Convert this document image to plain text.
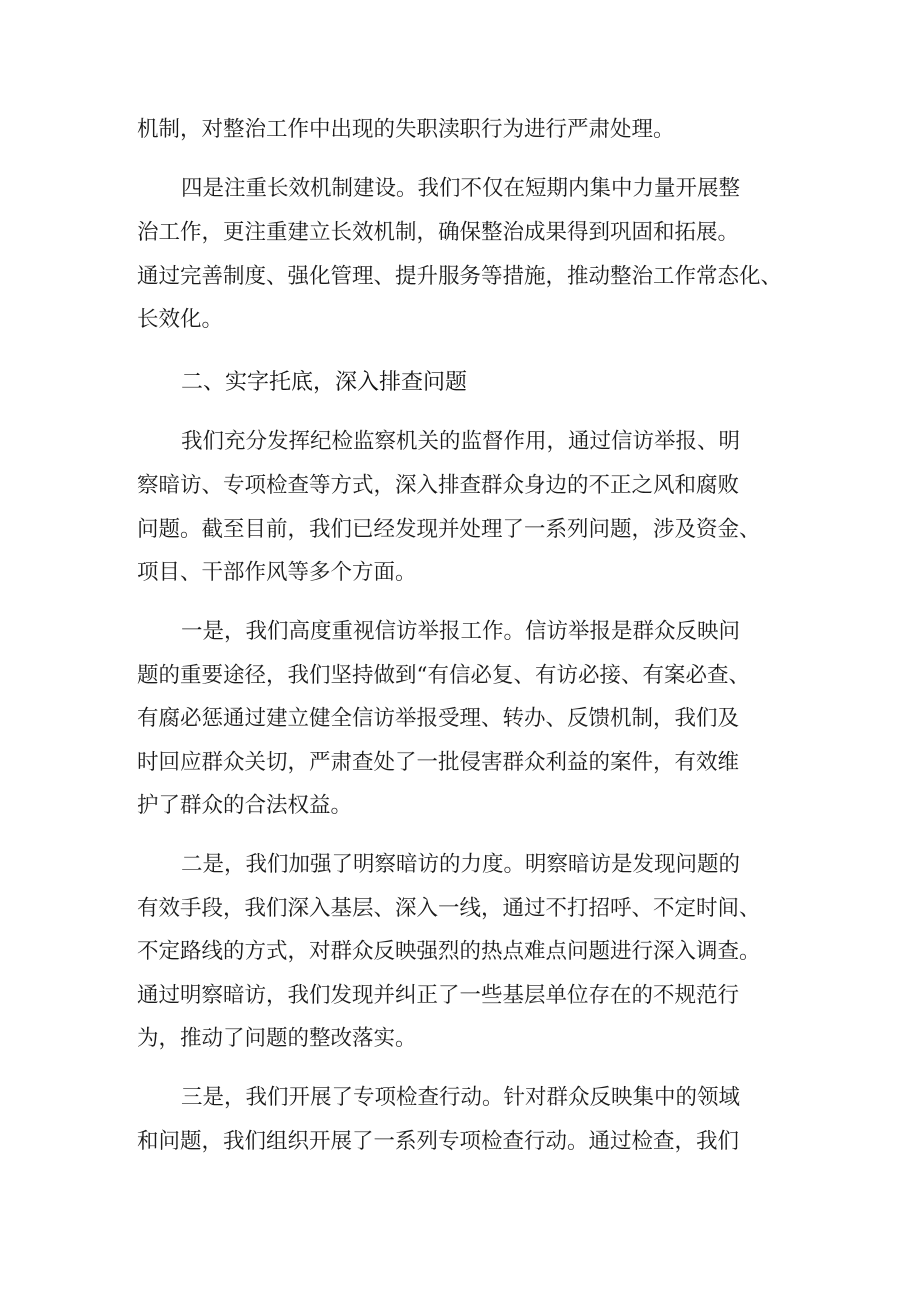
机制，对整治工作中出现的失职渎职行为进行严肃处理。

四是注重长效机制建设。我们不仅在短期内集中力量开展整

治工作，更注重建立长效机制，确保整治成果得到巩固和拓展。

通过完善制度、强化管理、提升服务等措施，推动整治工作常态化、

长效化。

二、实字托底，深入排查问题

我们充分发挥纪检监察机关的监督作用，通过信访举报、明

察暗访、专项检查等方式，深入排查群众身边的不正之风和腐败

问题。截至目前，我们已经发现并处理了一系列问题，涉及资金、

项目、干部作风等多个方面。

一是，我们高度重视信访举报工作。信访举报是群众反映问

题的重要途径，我们坚持做到“有信必复、有访必接、有案必查、

有腐必惩通过建立健全信访举报受理、转办、反馈机制，我们及

时回应群众关切，严肃查处了一批侵害群众利益的案件，有效维

护了群众的合法权益。

二是，我们加强了明察暗访的力度。明察暗访是发现问题的

有效手段，我们深入基层、深入一线，通过不打招呼、不定时间、

不定路线的方式，对群众反映强烈的热点难点问题进行深入调查。

通过明察暗访，我们发现并纠正了一些基层单位存在的不规范行

为，推动了问题的整改落实。

三是，我们开展了专项检查行动。针对群众反映集中的领域

和问题，我们组织开展了一系列专项检查行动。通过检查，我们
